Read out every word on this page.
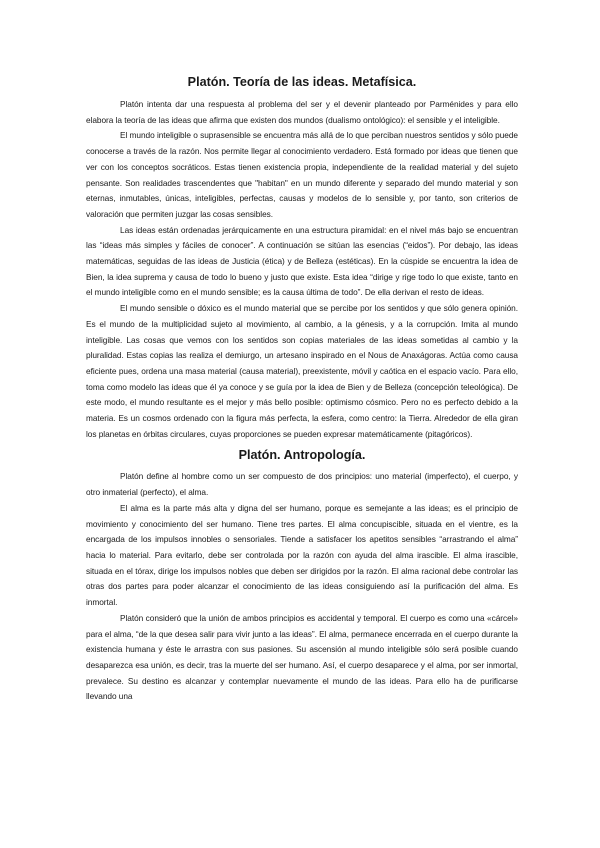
Platón. Teoría de las ideas. Metafísica.

Platón intenta dar una respuesta al problema del ser y el devenir planteado por Parménides y para ello elabora la teoría de las ideas que afirma que existen dos mundos (dualismo ontológico): el sensible y el inteligible.

El mundo inteligible o suprasensible se encuentra más allá de lo que perciban nuestros sentidos y sólo puede conocerse a través de la razón. Nos permite llegar al conocimiento verdadero. Está formado por ideas que tienen que ver con los conceptos socráticos. Estas tienen existencia propia, independiente de la realidad material y del sujeto pensante. Son realidades trascendentes que "habitan" en un mundo diferente y separado del mundo material y son eternas, inmutables, únicas, inteligibles, perfectas, causas y modelos de lo sensible y, por tanto, son criterios de valoración que permiten juzgar las cosas sensibles.

Las ideas están ordenadas jerárquicamente en una estructura piramidal: en el nivel más bajo se encuentran las “ideas más simples y fáciles de conocer”. A continuación se sitúan las esencias (“eidos”). Por debajo, las ideas matemáticas, seguidas de las ideas de Justicia (ética) y de Belleza (estéticas). En la cúspide se encuentra la idea de Bien, la idea suprema y causa de todo lo bueno y justo que existe. Esta idea “dirige y rige todo lo que existe, tanto en el mundo inteligible como en el mundo sensible; es la causa última de todo”. De ella derivan el resto de ideas.

El mundo sensible o dóxico es el mundo material que se percibe por los sentidos y que sólo genera opinión. Es el mundo de la multiplicidad sujeto al movimiento, al cambio, a la génesis, y a la corrupción. Imita al mundo inteligible. Las cosas que vemos con los sentidos son copias materiales de las ideas sometidas al cambio y la pluralidad. Estas copias las realiza el demiurgo, un artesano inspirado en el Nous de Anaxágoras. Actúa como causa eficiente pues, ordena una masa material (causa material), preexistente, móvil y caótica en el espacio vacío. Para ello, toma como modelo las ideas que él ya conoce y se guía por la idea de Bien y de Belleza (concepción teleológica). De este modo, el mundo resultante es el mejor y más bello posible: optimismo cósmico. Pero no es perfecto debido a la materia. Es un cosmos ordenado con la figura más perfecta, la esfera, como centro: la Tierra. Alrededor de ella giran los planetas en órbitas circulares, cuyas proporciones se pueden expresar matemáticamente (pitagóricos).

Platón. Antropología.

Platón define al hombre como un ser compuesto de dos principios: uno material (imperfecto), el cuerpo, y otro inmaterial (perfecto), el alma.

El alma es la parte más alta y digna del ser humano, porque es semejante a las ideas; es el principio de movimiento y conocimiento del ser humano. Tiene tres partes. El alma concupiscible, situada en el vientre, es la encargada de los impulsos innobles o sensoriales. Tiende a satisfacer los apetitos sensibles “arrastrando el alma” hacia lo material. Para evitarlo, debe ser controlada por la razón con ayuda del alma irascible. El alma irascible, situada en el tórax, dirige los impulsos nobles que deben ser dirigidos por la razón. El alma racional debe controlar las otras dos partes para poder alcanzar el conocimiento de las ideas consiguiendo así la purificación del alma. Es inmortal.

Platón consideró que la unión de ambos principios es accidental y temporal. El cuerpo es como una «cárcel» para el alma, “de la que desea salir para vivir junto a las ideas”. El alma, permanece encerrada en el cuerpo durante la existencia humana y éste le arrastra con sus pasiones. Su ascensión al mundo inteligible sólo será posible cuando desaparezca esa unión, es decir, tras la muerte del ser humano. Así, el cuerpo desaparece y el alma, por ser inmortal, prevalece. Su destino es alcanzar y contemplar nuevamente el mundo de las ideas. Para ello ha de purificarse llevando una
